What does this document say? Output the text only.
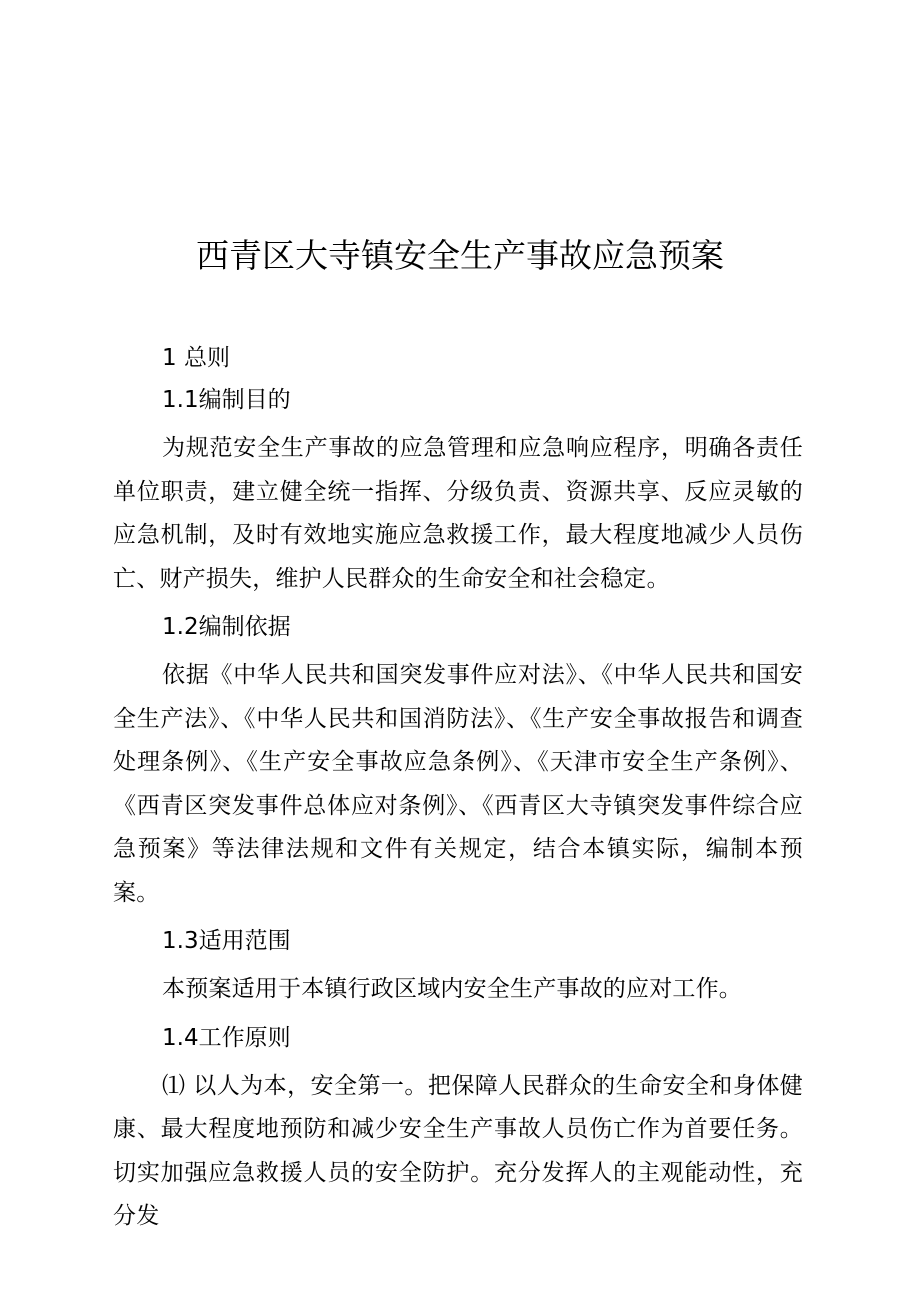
西青区大寺镇安全生产事故应急预案
1 总则
1.1编制目的

为规范安全生产事故的应急管理和应急响应程序，明确各责任单位职责，建立健全统一指挥、分级负责、资源共享、反应灵敏的应急机制，及时有效地实施应急救援工作，最大程度地减少人员伤亡、财产损失，维护人民群众的生命安全和社会稳定。

1.2编制依据

依据《中华人民共和国突发事件应对法》、《中华人民共和国安全生产法》、《中华人民共和国消防法》、《生产安全事故报告和调查处理条例》、《生产安全事故应急条例》、《天津市安全生产条例》、《西青区突发事件总体应对条例》、《西青区大寺镇突发事件综合应急预案》等法律法规和文件有关规定，结合本镇实际，编制本预案。

1.3适用范围

本预案适用于本镇行政区域内安全生产事故的应对工作。

1.4工作原则

⑴ 以人为本，安全第一。把保障人民群众的生命安全和身体健康、最大程度地预防和减少安全生产事故人员伤亡作为首要任务。切实加强应急救援人员的安全防护。充分发挥人的主观能动性，充分发
